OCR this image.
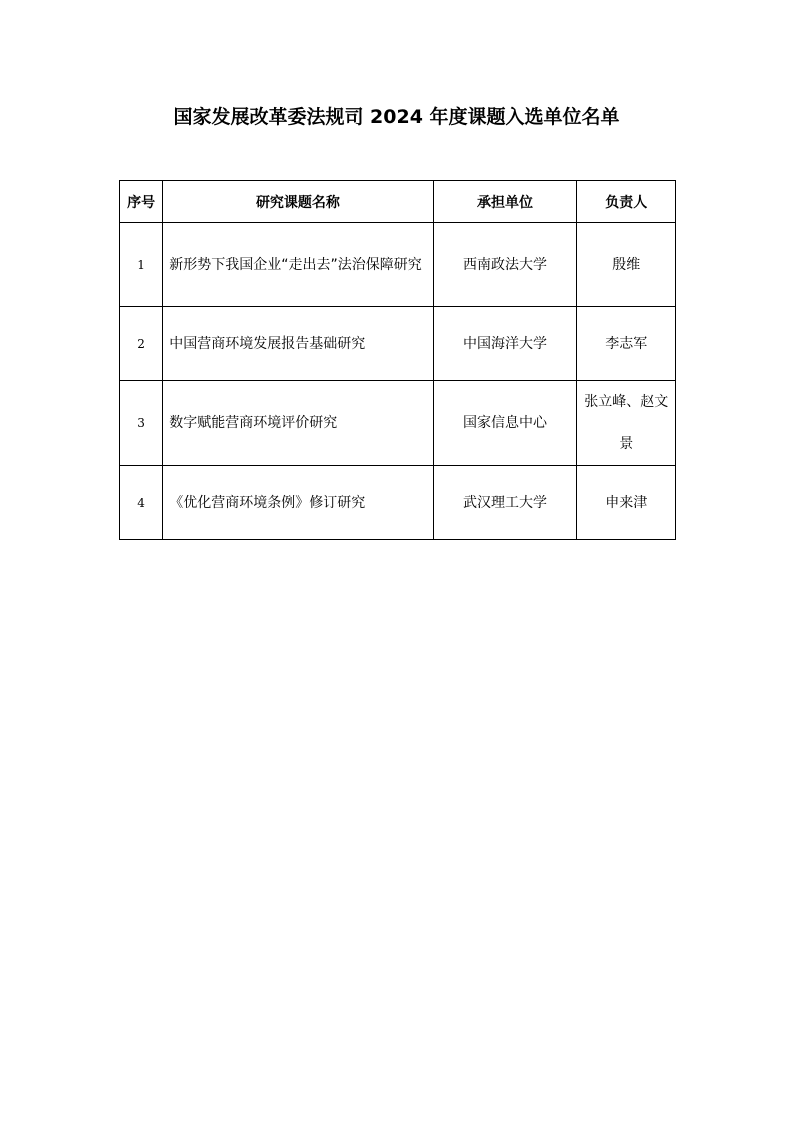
国家发展改革委法规司 2024 年度课题入选单位名单
序号	研究课题名称	承担单位	负责人
1	新形势下我国企业“走出去”法治保障研究	西南政法大学	殷维
2	中国营商环境发展报告基础研究	中国海洋大学	李志军
3	数字赋能营商环境评价研究	国家信息中心	张立峰、赵文景
4	《优化营商环境条例》修订研究	武汉理工大学	申来津
